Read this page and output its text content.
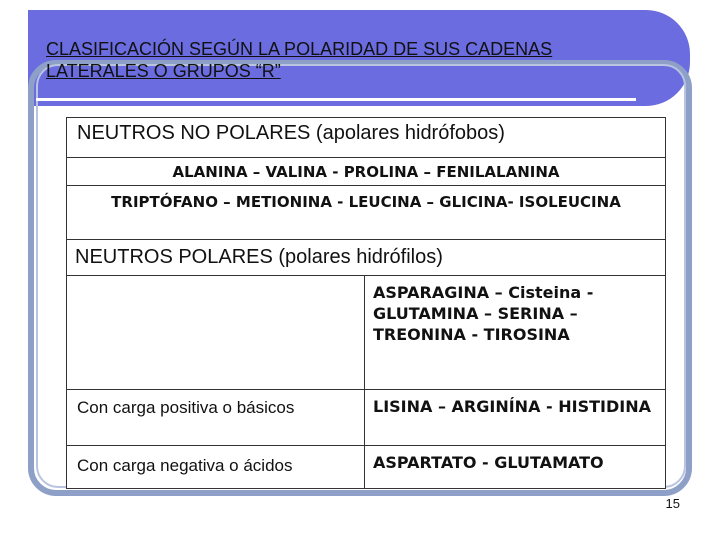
CLASIFICACIÓN SEGÚN LA POLARIDAD DE SUS CADENAS
LATERALES O GRUPOS “R”
NEUTROS NO POLARES (apolares hidrófobos)
ALANINA – VALINA - PROLINA – FENILALANINA
TRIPTÓFANO – METIONINA - LEUCINA – GLICINA- ISOLEUCINA
NEUTROS POLARES (polares hidrófilos)
ASPARAGINA – Cisteina - GLUTAMINA – SERINA – TREONINA - TIROSINA
Con carga positiva o básicos	LISINA – ARGINÍNA - HISTIDINA
Con carga negativa o ácidos	ASPARTATO - GLUTAMATO
15
